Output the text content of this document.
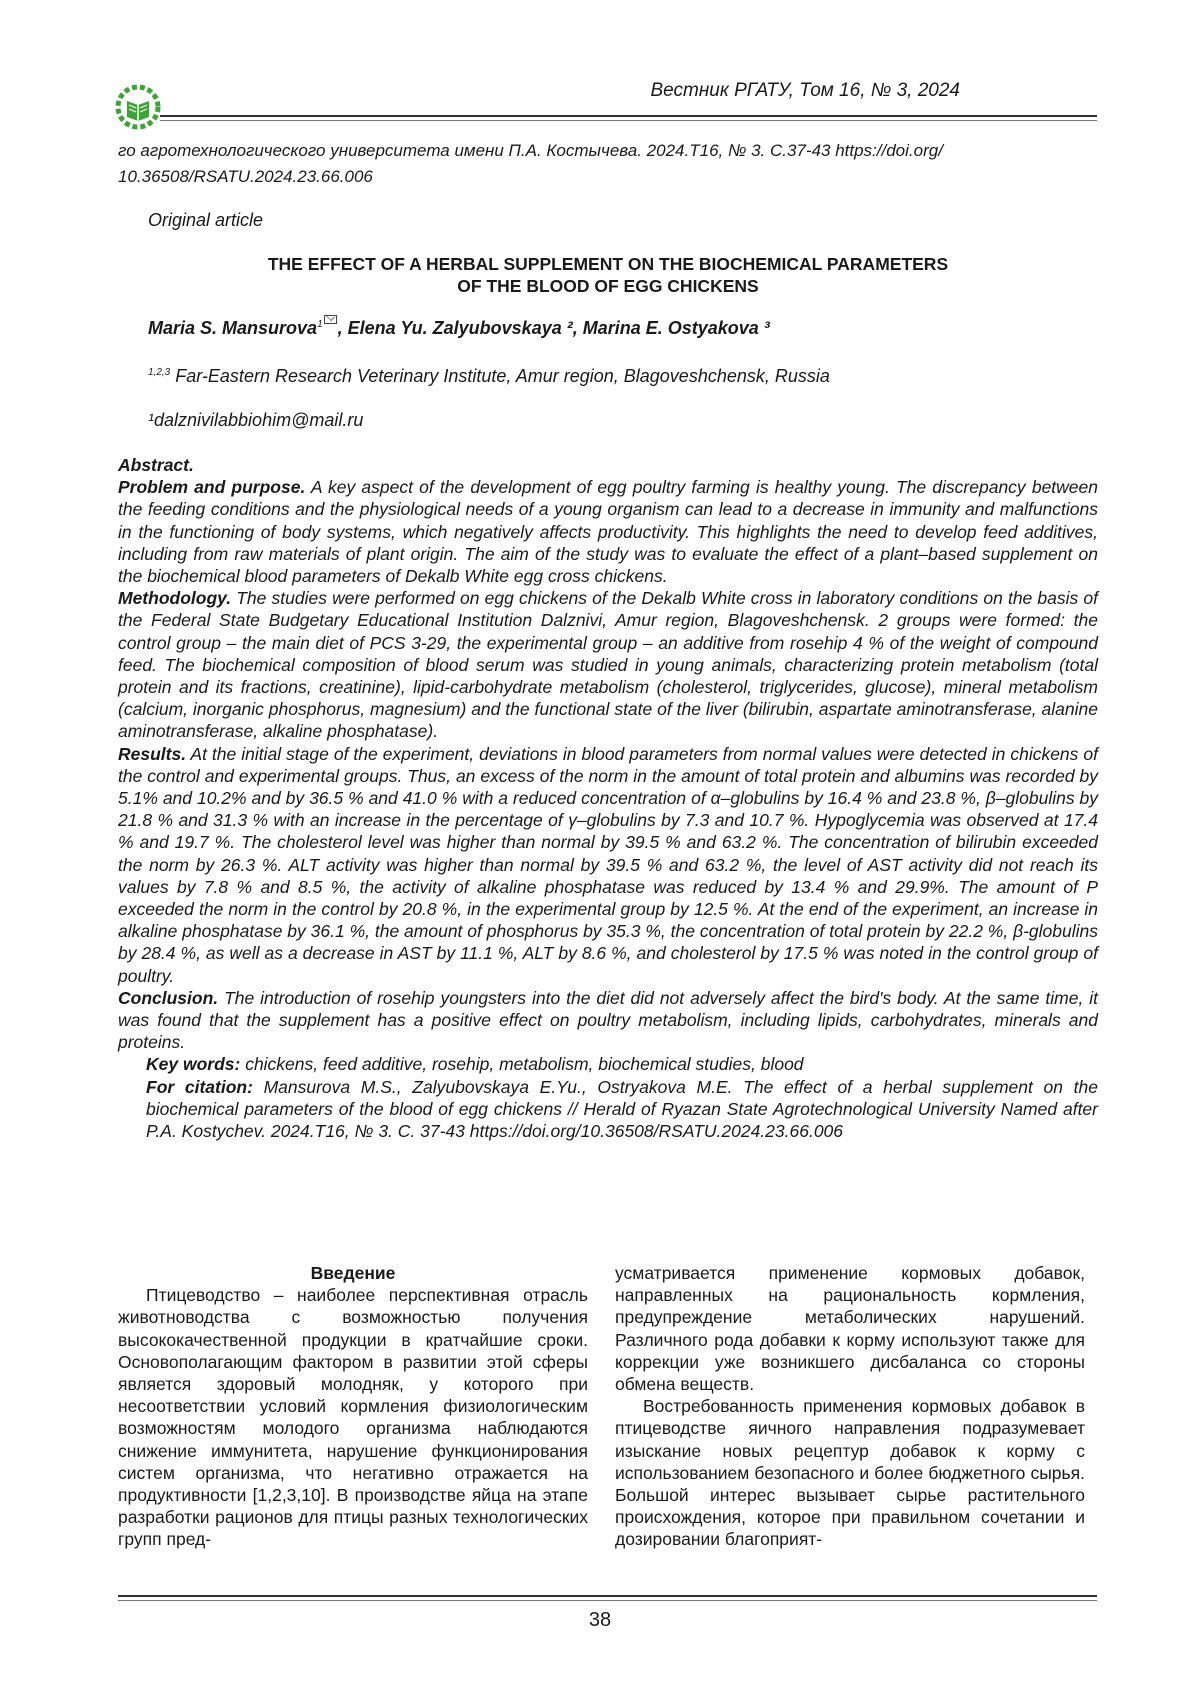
Вестник РГАТУ, Том 16, № 3, 2024
го агротехнологического университета имени П.А. Костычева. 2024.Т16, № 3. С.37-43 https://doi.org/
10.36508/RSATU.2024.23.66.006
Original article
THE EFFECT OF A HERBAL SUPPLEMENT ON THE BIOCHEMICAL PARAMETERS
OF THE BLOOD OF EGG CHICKENS
Maria S. Mansurova$^1$ , Elena Yu. Zalyubovskaya ², Marina E. Ostyakova ³
$^{1,2,3}$ Far-Eastern Research Veterinary Institute, Amur region, Blagoveshchensk, Russia
¹dalznivilabbiohim@mail.ru

Abstract.

Problem and purpose. A key aspect of the development of egg poultry farming is healthy young. The discrepancy between the feeding conditions and the physiological needs of a young organism can lead to a decrease in immunity and malfunctions in the functioning of body systems, which negatively affects productivity. This highlights the need to develop feed additives, including from raw materials of plant origin. The aim of the study was to evaluate the effect of a plant–based supplement on the biochemical blood parameters of Dekalb White egg cross chickens.

Methodology. The studies were performed on egg chickens of the Dekalb White cross in laboratory conditions on the basis of the Federal State Budgetary Educational Institution Dalznivi, Amur region, Blagoveshchensk. 2 groups were formed: the control group – the main diet of PCS 3-29, the experimental group – an additive from rosehip 4 % of the weight of compound feed. The biochemical composition of blood serum was studied in young animals, characterizing protein metabolism (total protein and its fractions, creatinine), lipid-carbohydrate metabolism (cholesterol, triglycerides, glucose), mineral metabolism (calcium, inorganic phosphorus, magnesium) and the functional state of the liver (bilirubin, aspartate aminotransferase, alanine aminotransferase, alkaline phosphatase).

Results. At the initial stage of the experiment, deviations in blood parameters from normal values were detected in chickens of the control and experimental groups. Thus, an excess of the norm in the amount of total protein and albumins was recorded by 5.1% and 10.2% and by 36.5 % and 41.0 % with a reduced concentration of α–globulins by 16.4 % and 23.8 %, β–globulins by 21.8 % and 31.3 % with an increase in the percentage of γ–globulins by 7.3 and 10.7 %. Hypoglycemia was observed at 17.4 % and 19.7 %. The cholesterol level was higher than normal by 39.5 % and 63.2 %. The concentration of bilirubin exceeded the norm by 26.3 %. ALT activity was higher than normal by 39.5 % and 63.2 %, the level of AST activity did not reach its values by 7.8 % and 8.5 %, the activity of alkaline phosphatase was reduced by 13.4 % and 29.9%. The amount of P exceeded the norm in the control by 20.8 %, in the experimental group by 12.5 %. At the end of the experiment, an increase in alkaline phosphatase by 36.1 %, the amount of phosphorus by 35.3 %, the concentration of total protein by 22.2 %, β-globulins by 28.4 %, as well as a decrease in AST by 11.1 %, ALT by 8.6 %, and cholesterol by 17.5 % was noted in the control group of poultry.

Conclusion. The introduction of rosehip youngsters into the diet did not adversely affect the bird's body. At the same time, it was found that the supplement has a positive effect on poultry metabolism, including lipids, carbohydrates, minerals and proteins.

Key words: chickens, feed additive, rosehip, metabolism, biochemical studies, blood

For citation: Mansurova M.S., Zalyubovskaya E.Yu., Ostryakova M.E. The effect of a herbal supplement on the biochemical parameters of the blood of egg chickens // Herald of Ryazan State Agrotechnological University Named after P.A. Kostychev. 2024.T16, № 3. C. 37-43 https://doi.org/10.36508/RSATU.2024.23.66.006

Введение

Птицеводство – наиболее перспективная отрасль животноводства с возможностью получения высококачественной продукции в кратчайшие сроки. Основополагающим фактором в развитии этой сферы является здоровый молодняк, у которого при несоответствии условий кормления физиологическим возможностям молодого организма наблюдаются снижение иммунитета, нарушение функционирования систем организма, что негативно отражается на продуктивности [1,2,3,10]. В производстве яйца на этапе разработки рационов для птицы разных технологических групп пред-

усматривается применение кормовых добавок, направленных на рациональность кормления, предупреждение метаболических нарушений. Различного рода добавки к корму используют также для коррекции уже возникшего дисбаланса со стороны обмена веществ.

Востребованность применения кормовых добавок в птицеводстве яичного направления подразумевает изыскание новых рецептур добавок к корму с использованием безопасного и более бюджетного сырья. Большой интерес вызывает сырье растительного происхождения, которое при правильном сочетании и дозировании благоприят-

38
